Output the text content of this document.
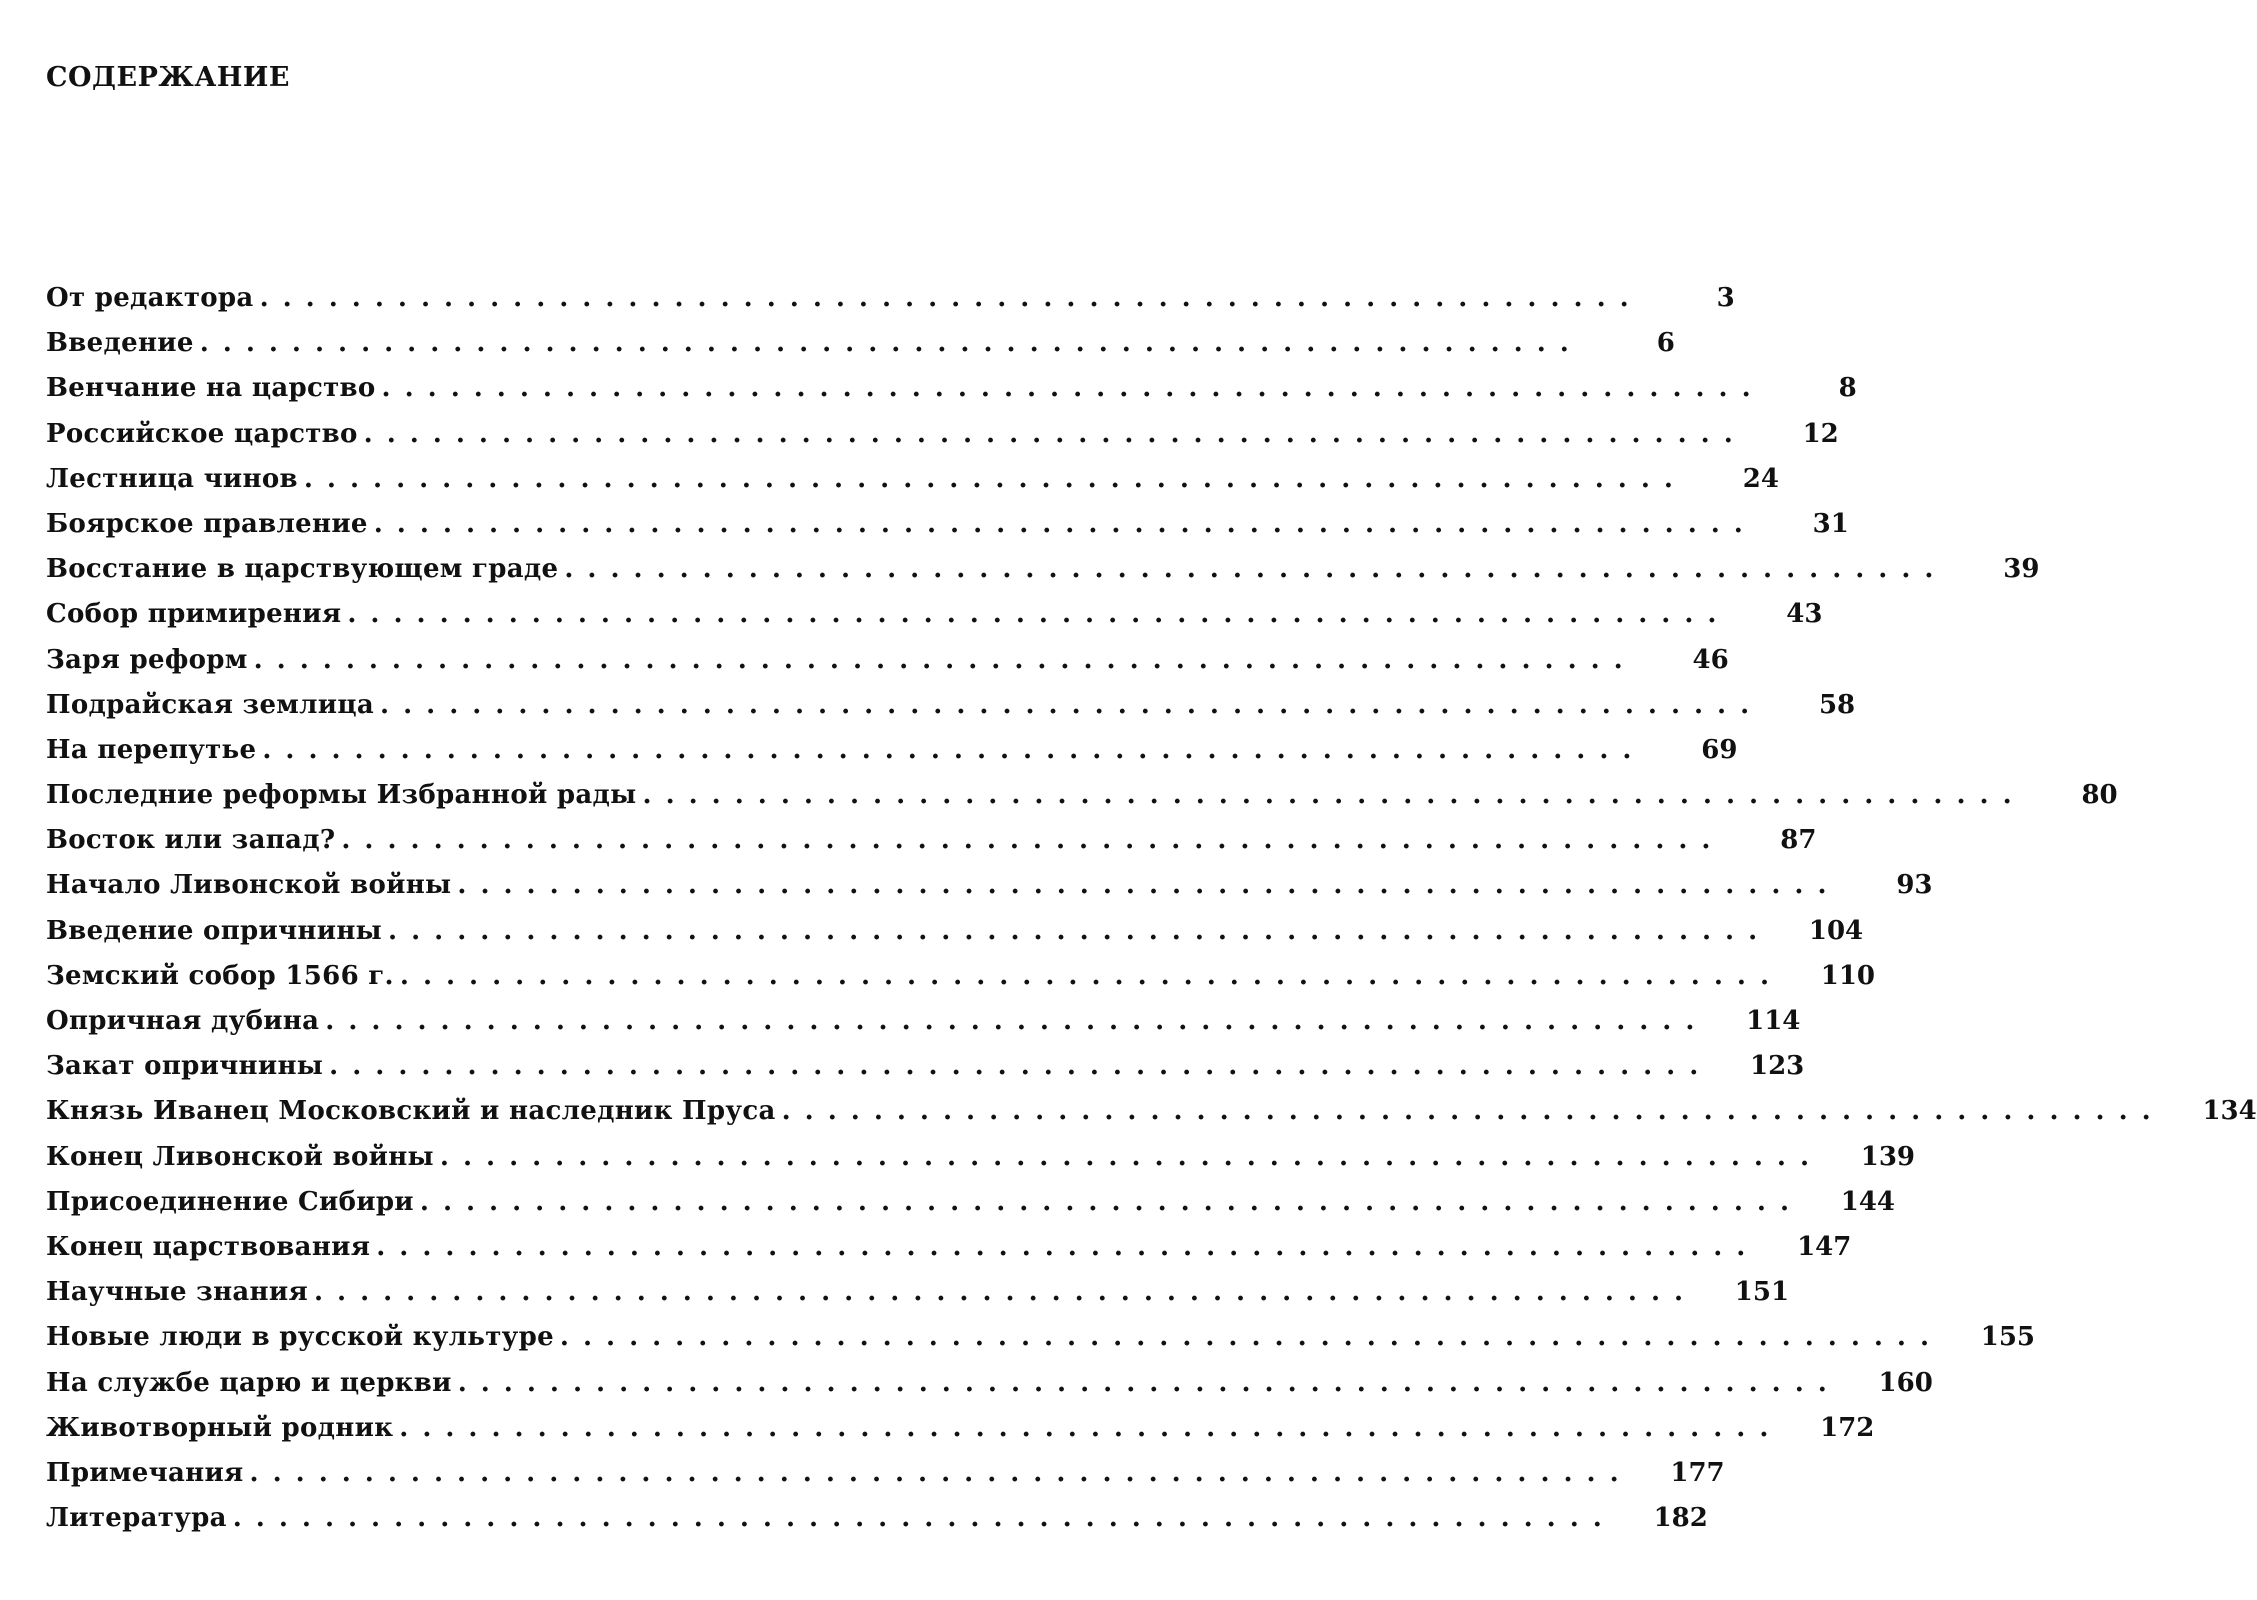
СОДЕРЖАНИЕ
От редактора ............................................................	3
Введение ............................................................	6
Венчание на царство ............................................................	8
Российское царство ............................................................	12
Лестница чинов ............................................................	24
Боярское правление ............................................................	31
Восстание в царствующем граде ............................................................	39
Собор примирения ............................................................	43
Заря реформ ............................................................	46
Подрайская землица ............................................................	58
На перепутье ............................................................	69
Последние реформы Избранной рады ............................................................	80
Восток или запад? ............................................................	87
Начало Ливонской войны ............................................................	93
Введение опричнины ............................................................	104
Земский собор 1566 г. ............................................................	110
Опричная дубина ............................................................	114
Закат опричнины ............................................................	123
Князь Иванец Московский и наследник Пруса ............................................................	134
Конец Ливонской войны ............................................................	139
Присоединение Сибири ............................................................	144
Конец царствования ............................................................	147
Научные знания ............................................................	151
Новые люди в русской культуре ............................................................	155
На службе царю и церкви ............................................................	160
Животворный родник ............................................................	172
Примечания ............................................................	177
Литература ............................................................	182
